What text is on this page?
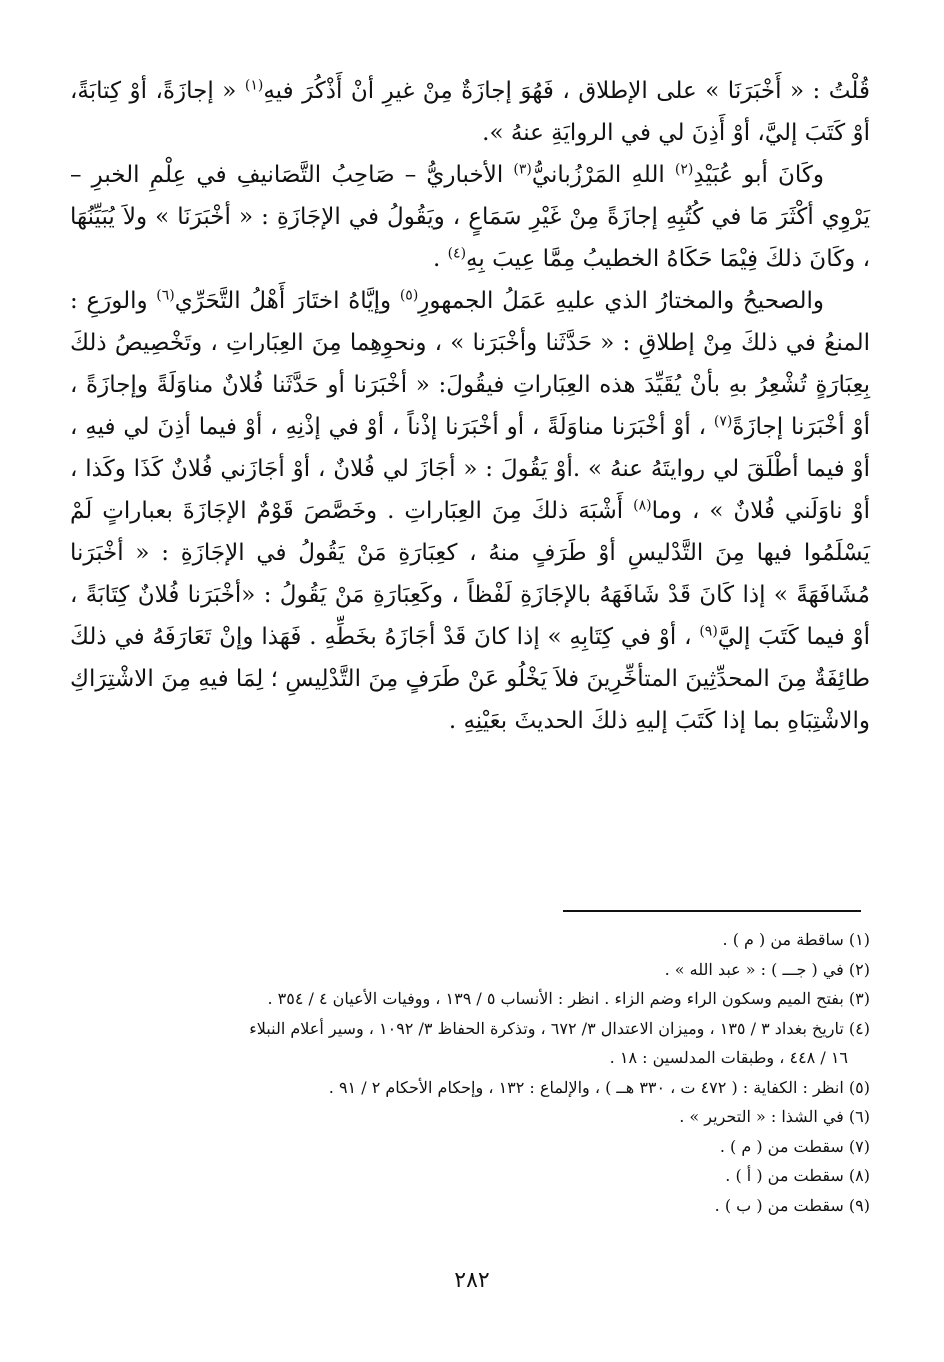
قُلْتُ : « أَخْبَرَنَا » على الإطلاق ، فَهُوَ إجازَةٌ مِنْ غيرِ أنْ أَذْكُرَ فيهِ$^{(١)}$ « إجازَةً، أوْ كِتابَةً، أوْ كَتَبَ إليَّ، أوْ أَذِنَ لي في الروايَةِ عنهُ ».

وكَانَ أبو عُبَيْدِ$^{(٢)}$ اللهِ المَرْزُبانيُّ$^{(٣)}$ الأخباريُّ – صَاحِبُ التَّصَانيفِ في عِلْمِ الخبرِ – يَرْوِي أكْثَرَ مَا في كُتُبِهِ إجازَةً مِنْ غَيْرِ سَمَاعٍ ، ويَقُولُ في الإجَازَةِ : « أخْبَرَنَا » ولاَ يُبَيِّنُهَا ، وكَانَ ذلكَ فِيْمَا حَكَاهُ الخطيبُ مِمَّا عِيبَ بِهِ$^{(٤)}$ .

والصحيحُ والمختارُ الذي عليهِ عَمَلُ الجمهورِ$^{(٥)}$ وإيَّاهُ اختَارَ أَهْلُ التَّحَرِّي$^{(٦)}$ والورَعِ : المنعُ في ذلكَ مِنْ إطلاقِ : « حَدَّثَنا وأخْبَرَنا » ، ونحوِهِما مِنَ العِبَاراتِ ، وتَخْصِيصُ ذلكَ بِعِبَارَةٍ تُشْعِرُ بهِ بأنْ يُقَيِّدَ هذه العِبَاراتِ فيقُولَ: « أخْبَرَنا أو حَدَّثَنا فُلانٌ مناوَلَةً وإجازَةً ، أوْ أخْبَرَنا إجازَةً$^{(٧)}$ ، أوْ أخْبَرَنا مناوَلَةً ، أو أخْبَرَنا إذْناً ، أوْ في إذْنِهِ ، أوْ فيما أذِنَ لي فيهِ ، أوْ فيما أطْلَقَ لي روايتَهُ عنهُ » .أوْ يَقُولَ : « أجَازَ لي فُلانٌ ، أوْ أجَازَني فُلانٌ كَذَا وكَذا ، أوْ ناوَلَني فُلانٌ » ، وما$^{(٨)}$ أَشْبَهَ ذلكَ مِنَ العِبَاراتِ . وخَصَّصَ قَوْمٌ الإجَازَةَ بعباراتٍ لَمْ يَسْلَمُوا فيها مِنَ التَّدْليسِ أوْ طَرَفٍ منهُ ، كعِبَارَةِ مَنْ يَقُولُ في الإجَازَةِ : « أخْبَرَنا مُشَافَهَةً » إذا كَانَ قَدْ شَافَهَهُ بالإجَازَةِ لَفْظاً ، وكَعِبَارَةِ مَنْ يَقُولُ : «أخْبَرَنا فُلانٌ كِتَابَةً ، أوْ فيما كَتَبَ إليَّ$^{(٩)}$ ، أوْ في كِتَابِهِ » إذا كانَ قَدْ أجَازَهُ بخَطِّهِ . فَهَذا وإنْ تَعَارَفَهُ في ذلكَ طائِفَةٌ مِنَ المحدِّثِينَ المتأخِّرِينَ فلاَ يَخْلُو عَنْ طَرَفٍ مِنَ التَّدْلِيسِ ؛ لِمَا فيهِ مِنَ الاشْتِرَاكِ والاشْتِبَاهِ بما إذا كَتَبَ إليهِ ذلكَ الحديثَ بعَيْنِهِ .

(١) ساقطة من ( م ) .
(٢) في ( جـــ ) : « عبد الله » .
(٣) بفتح الميم وسكون الراء وضم الزاء . انظر : الأنساب ٥ / ١٣٩ ، ووفيات الأعيان ٤ / ٣٥٤ .
(٤) تاريخ بغداد ٣ / ١٣٥ ، وميزان الاعتدال ٣/ ٦٧٢ ، وتذكرة الحفاظ ٣/ ١٠٩٢ ، وسير أعلام النبلاء
١٦ / ٤٤٨ ، وطبقات المدلسين : ١٨ .
(٥) انظر : الكفاية : ( ٤٧٢ ت ، ٣٣٠ هــ ) ، والإلماع : ١٣٢ ، وإحكام الأحكام ٢ / ٩١ .
(٦) في الشذا : « التحرير » .
(٧) سقطت من ( م ) .
(٨) سقطت من ( أ ) .
(٩) سقطت من ( ب ) .
٢٨٢
